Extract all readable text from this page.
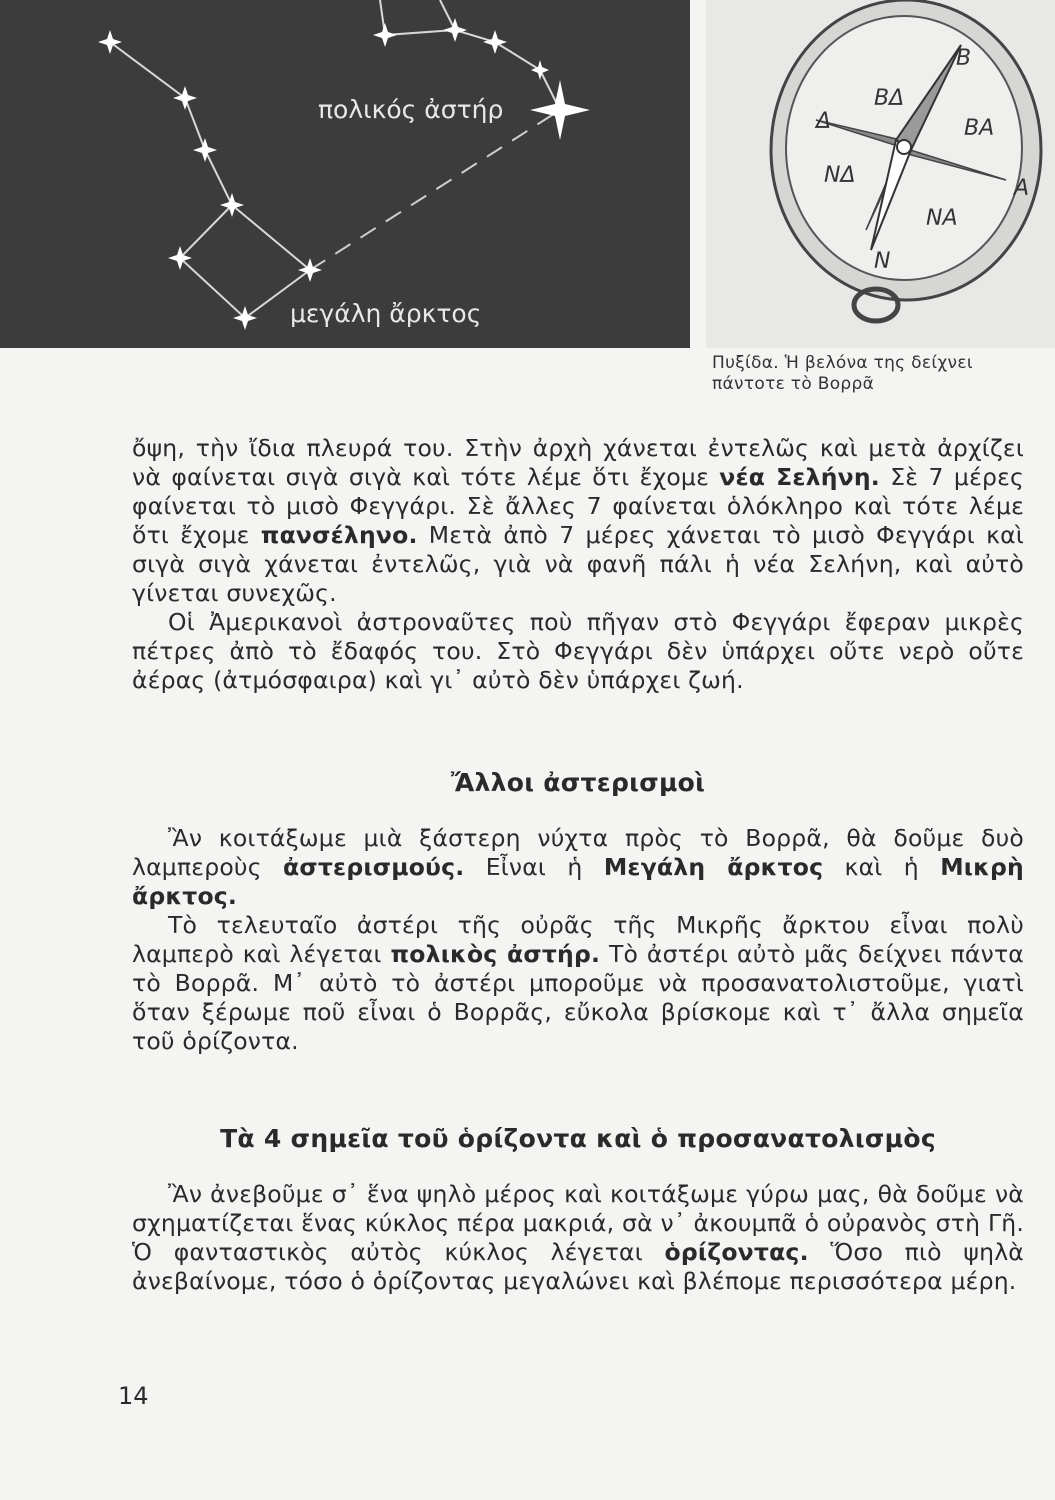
πολικός ἀστήρ
μεγάλη ἄρκτος
Β
ΒΔ
ΒΑ
Δ
Α
ΝΔ
ΝΑ
Ν
Πυξίδα. Ἡ βελόνα της δείχνει
πάντοτε τὸ Βορρᾶ

ὄψη, τὴν ἴδια πλευρά του. Στὴν ἀρχὴ χάνεται ἐντελῶς καὶ μετὰ ἀρχίζει νὰ φαίνεται σιγὰ σιγὰ καὶ τότε λέμε ὅτι ἔχομε νέα Σελήνη. Σὲ 7 μέρες φαίνεται τὸ μισὸ Φεγγάρι. Σὲ ἄλλες 7 φαίνεται ὁλόκληρο καὶ τότε λέμε ὅτι ἔχομε πανσέληνο. Μετὰ ἀπὸ 7 μέρες χάνεται τὸ μισὸ Φεγγάρι καὶ σιγὰ σιγὰ χάνεται ἐντελῶς, γιὰ νὰ φανῆ πάλι ἡ νέα Σελήνη, καὶ αὐτὸ γίνεται συνεχῶς.

Οἱ Ἀμερικανοὶ ἀστροναῦτες ποὺ πῆγαν στὸ Φεγγάρι ἔφεραν μικρὲς πέτρες ἀπὸ τὸ ἔδαφός του. Στὸ Φεγγάρι δὲν ὑπάρχει οὔτε νερὸ οὔτε ἀέρας (ἀτμόσφαιρα) καὶ γι᾽ αὐτὸ δὲν ὑπάρχει ζωή.

Ἄλλοι ἀστερισμοὶ

Ἂν κοιτάξωμε μιὰ ξάστερη νύχτα πρὸς τὸ Βορρᾶ, θὰ δοῦμε δυὸ λαμπεροὺς ἀστερισμούς. Εἶναι ἡ Μεγάλη ἄρκτος καὶ ἡ Μικρὴ ἄρκτος.

Τὸ τελευταῖο ἀστέρι τῆς οὐρᾶς τῆς Μικρῆς ἄρκτου εἶναι πολὺ λαμπερὸ καὶ λέγεται πολικὸς ἀστήρ. Τὸ ἀστέρι αὐτὸ μᾶς δείχνει πάντα τὸ Βορρᾶ. Μ᾽ αὐτὸ τὸ ἀστέρι μποροῦμε νὰ προσανατολιστοῦμε, γιατὶ ὅταν ξέρωμε ποῦ εἶναι ὁ Βορρᾶς, εὔκολα βρίσκομε καὶ τ᾽ ἄλλα σημεῖα τοῦ ὁρίζοντα.

Τὰ 4 σημεῖα τοῦ ὁρίζοντα καὶ ὁ προσανατολισμὸς

Ἂν ἀνεβοῦμε σ᾽ ἕνα ψηλὸ μέρος καὶ κοιτάξωμε γύρω μας, θὰ δοῦμε νὰ σχηματίζεται ἕνας κύκλος πέρα μακριά, σὰ ν᾽ ἀκουμπᾶ ὁ οὐρανὸς στὴ Γῆ. Ὁ φανταστικὸς αὐτὸς κύκλος λέγεται ὁρίζοντας. Ὅσο πιὸ ψηλὰ ἀνεβαίνομε, τόσο ὁ ὁρίζοντας μεγαλώνει καὶ βλέπομε περισσότερα μέρη.

14
